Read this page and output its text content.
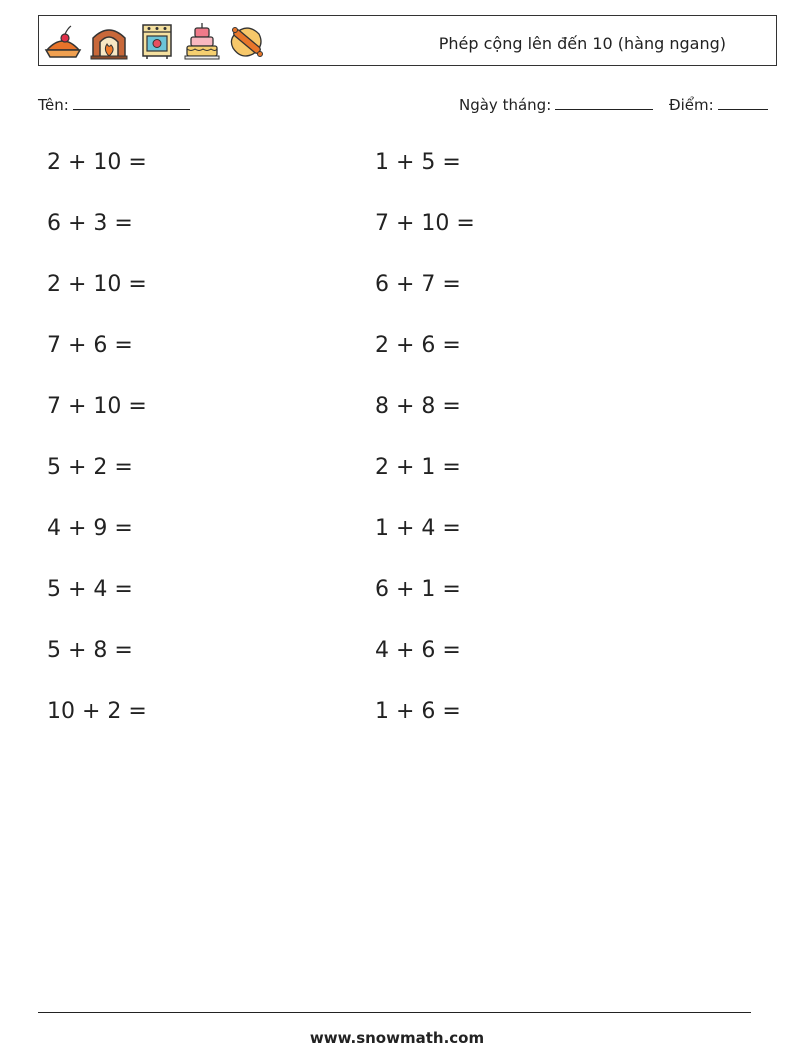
Phép cộng lên đến 10 (hàng ngang)
Tên:	Ngày tháng:	Điểm:
2 + 10 =
6 + 3 =
2 + 10 =
7 + 6 =
7 + 10 =
5 + 2 =
4 + 9 =
5 + 4 =
5 + 8 =
10 + 2 =
1 + 5 =
7 + 10 =
6 + 7 =
2 + 6 =
8 + 8 =
2 + 1 =
1 + 4 =
6 + 1 =
4 + 6 =
1 + 6 =
www.snowmath.com
